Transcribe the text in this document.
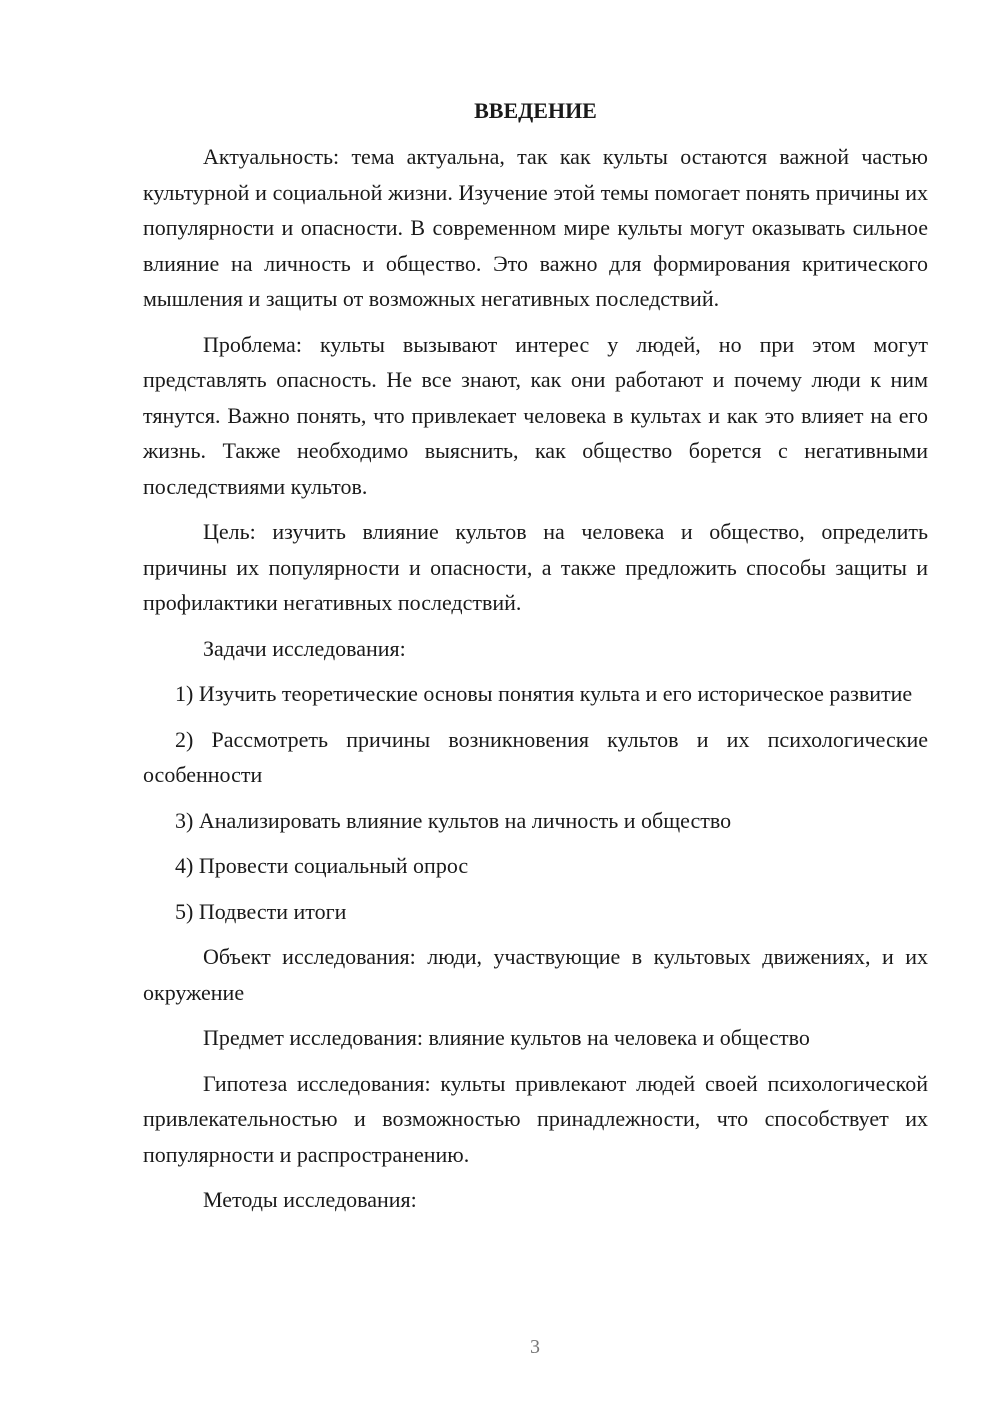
ВВЕДЕНИЕ

Актуальность: тема актуальна, так как культы остаются важной частью культурной и социальной жизни. Изучение этой темы помогает понять причины их популярности и опасности. В современном мире культы могут оказывать сильное влияние на личность и общество. Это важно для формирования критического мышления и защиты от возможных негативных последствий.

Проблема: культы вызывают интерес у людей, но при этом могут представлять опасность. Не все знают, как они работают и почему люди к ним тянутся. Важно понять, что привлекает человека в культах и как это влияет на его жизнь. Также необходимо выяснить, как общество борется с негативными последствиями культов.

Цель: изучить влияние культов на человека и общество, определить причины их популярности и опасности, а также предложить способы защиты и профилактики негативных последствий.

Задачи исследования:

1) Изучить теоретические основы понятия культа и его историческое развитие

2) Рассмотреть причины возникновения культов и их психологические особенности

3) Анализировать влияние культов на личность и общество

4) Провести социальный опрос

5) Подвести итоги

Объект исследования: люди, участвующие в культовых движениях, и их окружение

Предмет исследования: влияние культов на человека и общество

Гипотеза исследования: культы привлекают людей своей психологической привлекательностью и возможностью принадлежности, что способствует их популярности и распространению.

Методы исследования:

3
